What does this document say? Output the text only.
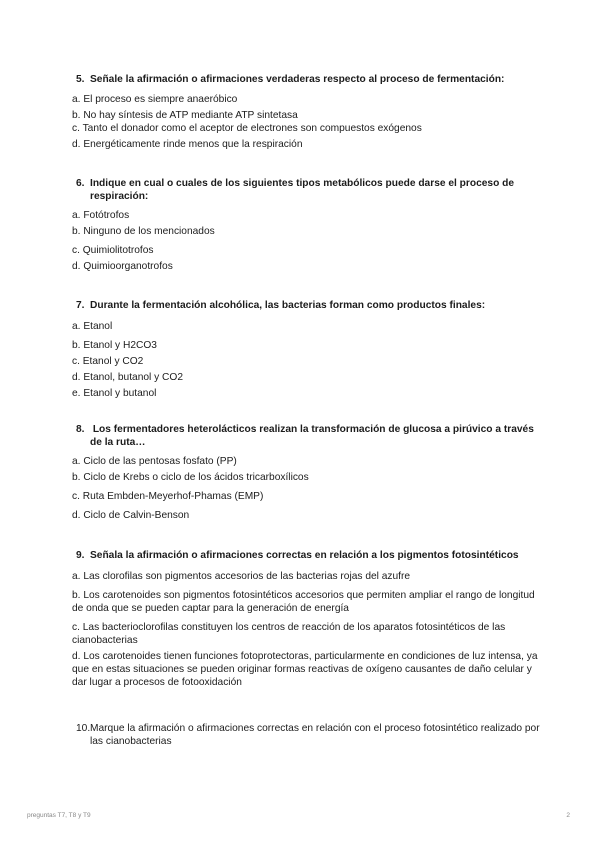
5. Señale la afirmación o afirmaciones verdaderas respecto al proceso de fermentación:

a. El proceso es siempre anaeróbico

b. No hay síntesis de ATP mediante ATP sintetasa

c. Tanto el donador como el aceptor de electrones son compuestos exógenos

d. Energéticamente rinde menos que la respiración

6. Indique en cual o cuales de los siguientes tipos metabólicos puede darse el proceso de respiración:

a. Fotótrofos

b. Ninguno de los mencionados

c. Quimiolitotrofos

d. Quimioorganotrofos

7. Durante la fermentación alcohólica, las bacterias forman como productos finales:

a. Etanol

b. Etanol y H2CO3

c. Etanol y CO2

d. Etanol, butanol y CO2

e. Etanol y butanol

8. Los fermentadores heterolácticos realizan la transformación de glucosa a pirúvico a través de la ruta…

a. Ciclo de las pentosas fosfato (PP)

b. Ciclo de Krebs o ciclo de los ácidos tricarboxílicos

c. Ruta Embden-Meyerhof-Phamas (EMP)

d. Ciclo de Calvin-Benson

9. Señala la afirmación o afirmaciones correctas en relación a los pigmentos fotosintéticos

a. Las clorofilas son pigmentos accesorios de las bacterias rojas del azufre

b. Los carotenoides son pigmentos fotosintéticos accesorios que permiten ampliar el rango de longitud de onda que se pueden captar para la generación de energía

c. Las bacterioclorofilas constituyen los centros de reacción de los aparatos fotosintéticos de las cianobacterias

d. Los carotenoides tienen funciones fotoprotectoras, particularmente en condiciones de luz intensa, ya que en estas situaciones se pueden originar formas reactivas de oxígeno causantes de daño celular y dar lugar a procesos de fotooxidación

10.Marque la afirmación o afirmaciones correctas en relación con el proceso fotosintético realizado por las cianobacterias

preguntas T7, T8 y T9	2
